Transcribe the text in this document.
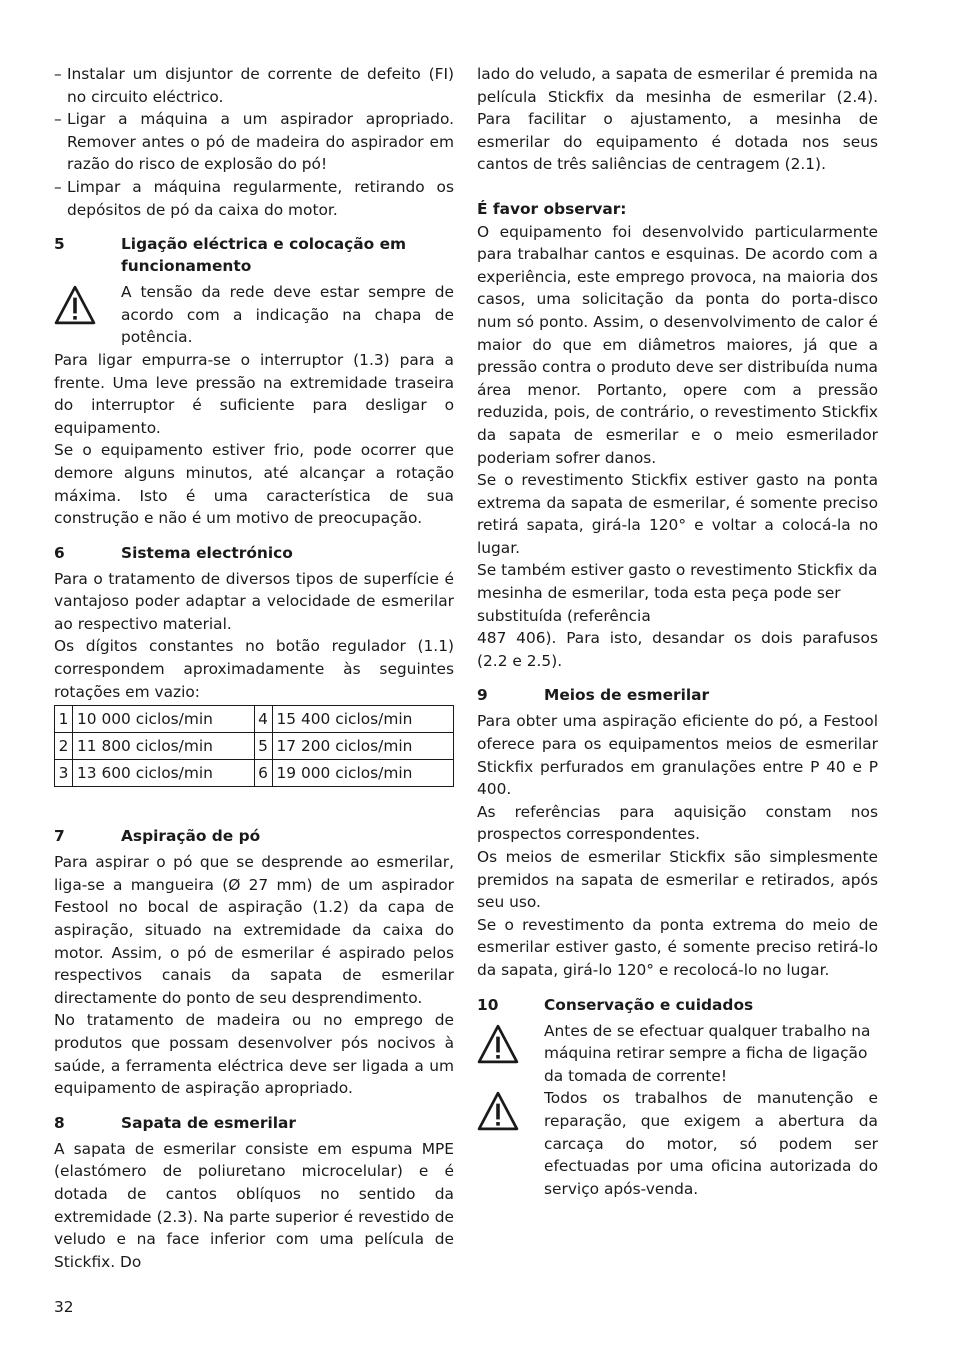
– Instalar um disjuntor de corrente de defeito (FI) no circuito eléctrico.
– Ligar a máquina a um aspirador apropriado. Remover antes o pó de madeira do aspirador em razão do risco de explosão do pó!
– Limpar a máquina regularmente, retirando os depósitos de pó da caixa do motor.
5	Ligação eléctrica e colocação em funcionamento

A tensão da rede deve estar sempre de acordo com a indicação na chapa de potência.

Para ligar empurra-se o interruptor (1.3) para a frente. Uma leve pressão na extremidade traseira do interruptor é suficiente para desligar o equipamento.

Se o equipamento estiver frio, pode ocorrer que demore alguns minutos, até alcançar a rotação máxima. Isto é uma característica de sua construção e não é um motivo de preocupação.

6	Sistema electrónico

Para o tratamento de diversos tipos de superfície é vantajoso poder adaptar a velocidade de esmerilar ao respectivo material.

Os dígitos constantes no botão regulador (1.1) correspondem aproximadamente às seguintes rotações em vazio:

1	10 000 ciclos/min	4	15 400 ciclos/min
2	11 800 ciclos/min	5	17 200 ciclos/min
3	13 600 ciclos/min	6	19 000 ciclos/min
7	Aspiração de pó

Para aspirar o pó que se desprende ao esmerilar, liga-se a mangueira (Ø 27 mm) de um aspirador Festool no bocal de aspiração (1.2) da capa de aspiração, situado na extremidade da caixa do motor. Assim, o pó de esmerilar é aspirado pelos respectivos canais da sapata de esmerilar directamente do ponto de seu desprendimento.

No tratamento de madeira ou no emprego de produtos que possam desenvolver pós nocivos à saúde, a ferramenta eléctrica deve ser ligada a um equipamento de aspiração apropriado.

8	Sapata de esmerilar

A sapata de esmerilar consiste em espuma MPE (elastómero de poliuretano microcelular) e é dotada de cantos oblíquos no sentido da extremidade (2.3). Na parte superior é revestido de veludo e na face inferior com uma película de Stickfix. Do

lado do veludo, a sapata de esmerilar é premida na película Stickfix da mesinha de esmerilar (2.4). Para facilitar o ajustamento, a mesinha de esmerilar do equipamento é dotada nos seus cantos de três saliências de centragem (2.1).

É favor observar:

O equipamento foi desenvolvido particularmente para trabalhar cantos e esquinas. De acordo com a experiência, este emprego provoca, na maioria dos casos, uma solicitação da ponta do porta-disco num só ponto. Assim, o desenvolvimento de calor é maior do que em diâmetros maiores, já que a pressão contra o produto deve ser distribuída numa área menor. Portanto, opere com a pressão reduzida, pois, de contrário, o revestimento Stickfix da sapata de esmerilar e o meio esmerilador poderiam sofrer danos.

Se o revestimento Stickfix estiver gasto na ponta extrema da sapata de esmerilar, é somente preciso retirá sapata, girá-la 120° e voltar a colocá-la no lugar.

Se também estiver gasto o revestimento Stickfix da mesinha de esmerilar, toda esta peça pode ser substituída (referência

487 406). Para isto, desandar os dois parafusos (2.2 e 2.5).

9	Meios de esmerilar

Para obter uma aspiração eficiente do pó, a Festool oferece para os equipamentos meios de esmerilar Stickfix perfurados em granulações entre P 40 e P 400.

As referências para aquisição constam nos prospectos correspondentes.

Os meios de esmerilar Stickfix são simplesmente premidos na sapata de esmerilar e retirados, após seu uso.

Se o revestimento da ponta extrema do meio de esmerilar estiver gasto, é somente preciso retirá-lo da sapata, girá-lo 120° e recolocá-lo no lugar.

10	Conservação e cuidados

Antes de se efectuar qualquer trabalho na máquina retirar sempre a ficha de ligação da tomada de corrente!

Todos os trabalhos de manutenção e reparação, que exigem a abertura da carcaça do motor, só podem ser efectuadas por uma oficina autorizada do serviço após-venda.

32
